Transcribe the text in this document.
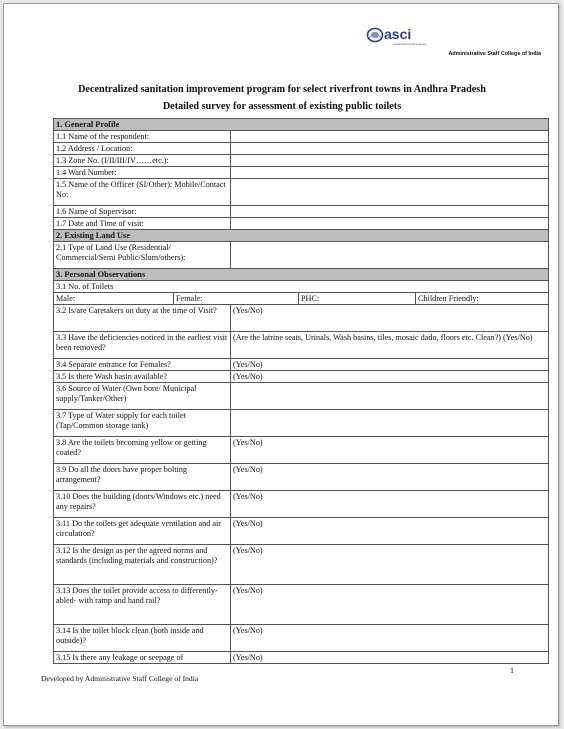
asci
Leadership through Learning
Administrative Staff College of India
Decentralized sanitation improvement program for select riverfront towns in Andhra Pradesh
Detailed survey for assessment of existing public toilets
1. General Profile				
1.1 Name of the respondent:				
1.2 Address / Location:				
1.3 Zone No. (I/II/III/IV……etc.):				
1.4 Ward Number:				
1.5 Name of the Officer (SI/Other): Mobile/Contact No:				
1.6 Name of Supervisor:				
1.7 Date and Time of visit:				
2. Existing Land Use				
2.1 Type of Land Use (Residential/ Commercial/Semi Public/Slum/others):				
3. Personal Observations				
3.1 No. of Toilets				
Male:	Female:		PHC:	Children Friendly:
3.2 Is/are Caretakers on duty at the time of Visit?		(Yes/No)		
3.3 Have the deficiencies noticed in the earliest visit been removed?		(Are the latrine seats, Urinals, Wash basins, tiles, mosaic dado, floors etc. Clean?) (Yes/No)		
3.4 Separate entrance for Females?		(Yes/No)		
3.5 Is there Wash basin available?		(Yes/No)		
3.6 Source of Water (Own bore/ Municipal supply/Tanker/Other)				
3.7 Type of Water supply for each toilet (Tap/Common storage tank)				
3.8 Are the toilets becoming yellow or getting coated?		(Yes/No)		
3.9 Do all the doors have proper bolting arrangement?		(Yes/No)		
3.10 Does the building (doors/Windows etc.) need any repairs?		(Yes/No)		
3.11 Do the toilets get adequate ventilation and air circulation?		(Yes/No)		
3.12 Is the design as per the agreed norms and standards (including materials and construction)?		(Yes/No)		
3.13 Does the toilet provide access to differently-abled- with ramp and hand rail?		(Yes/No)		
3.14 Is the toilet block clean (both inside and outside)?		(Yes/No)		
3.15 Is there any leakage or seepage of		(Yes/No)		
1
Developed by Administrative Staff College of India
